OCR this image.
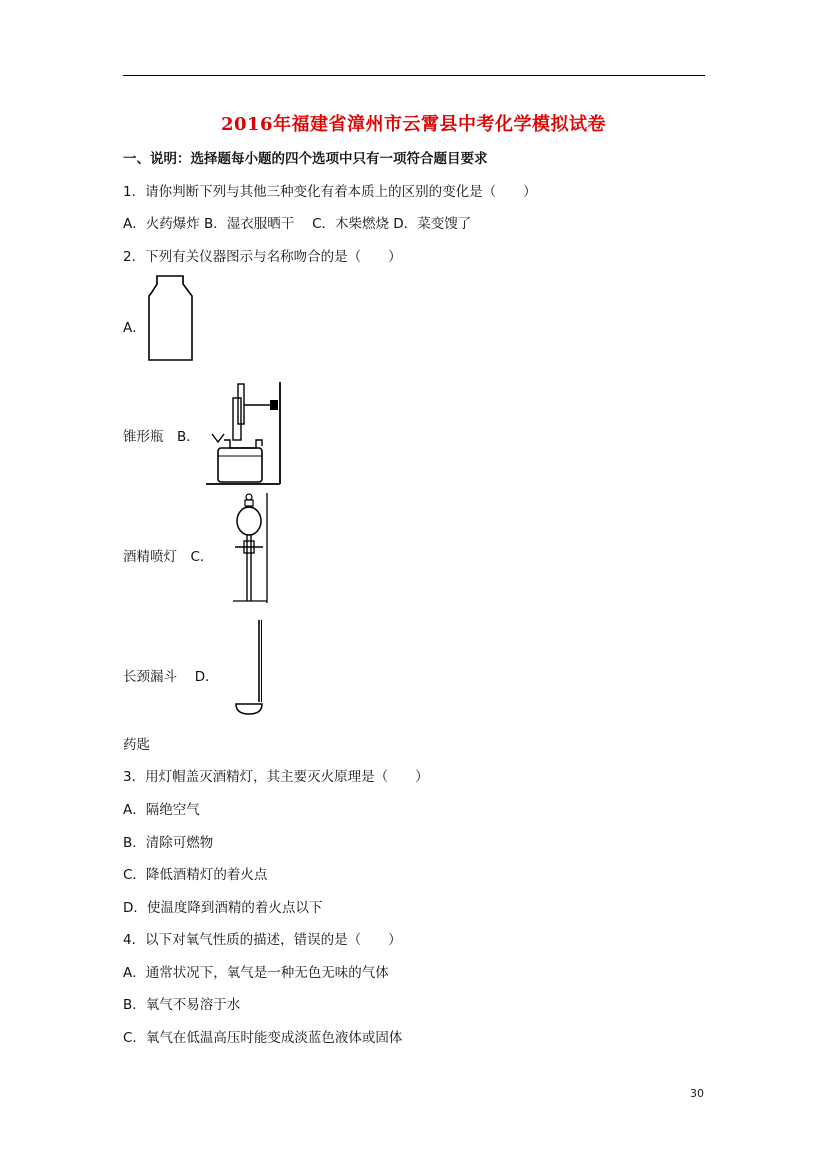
2016年福建省漳州市云霄县中考化学模拟试卷
一、说明：选择题每小题的四个选项中只有一项符合题目要求
1．请你判断下列与其他三种变化有着本质上的区别的变化是（　　）
A．火药爆炸 B．湿衣服晒干　 C．木柴燃烧 D．菜变馊了
2．下列有关仪器图示与名称吻合的是（　　）
A．
锥形瓶　B．
酒精喷灯　C．
长颈漏斗　 D．
药匙
3．用灯帽盖灭酒精灯，其主要灭火原理是（　　）
A．隔绝空气
B．清除可燃物
C．降低酒精灯的着火点
D．使温度降到酒精的着火点以下
4．以下对氧气性质的描述，错误的是（　　）
A．通常状况下，氧气是一种无色无味的气体
B．氧气不易溶于水
C．氧气在低温高压时能变成淡蓝色液体或固体
30
